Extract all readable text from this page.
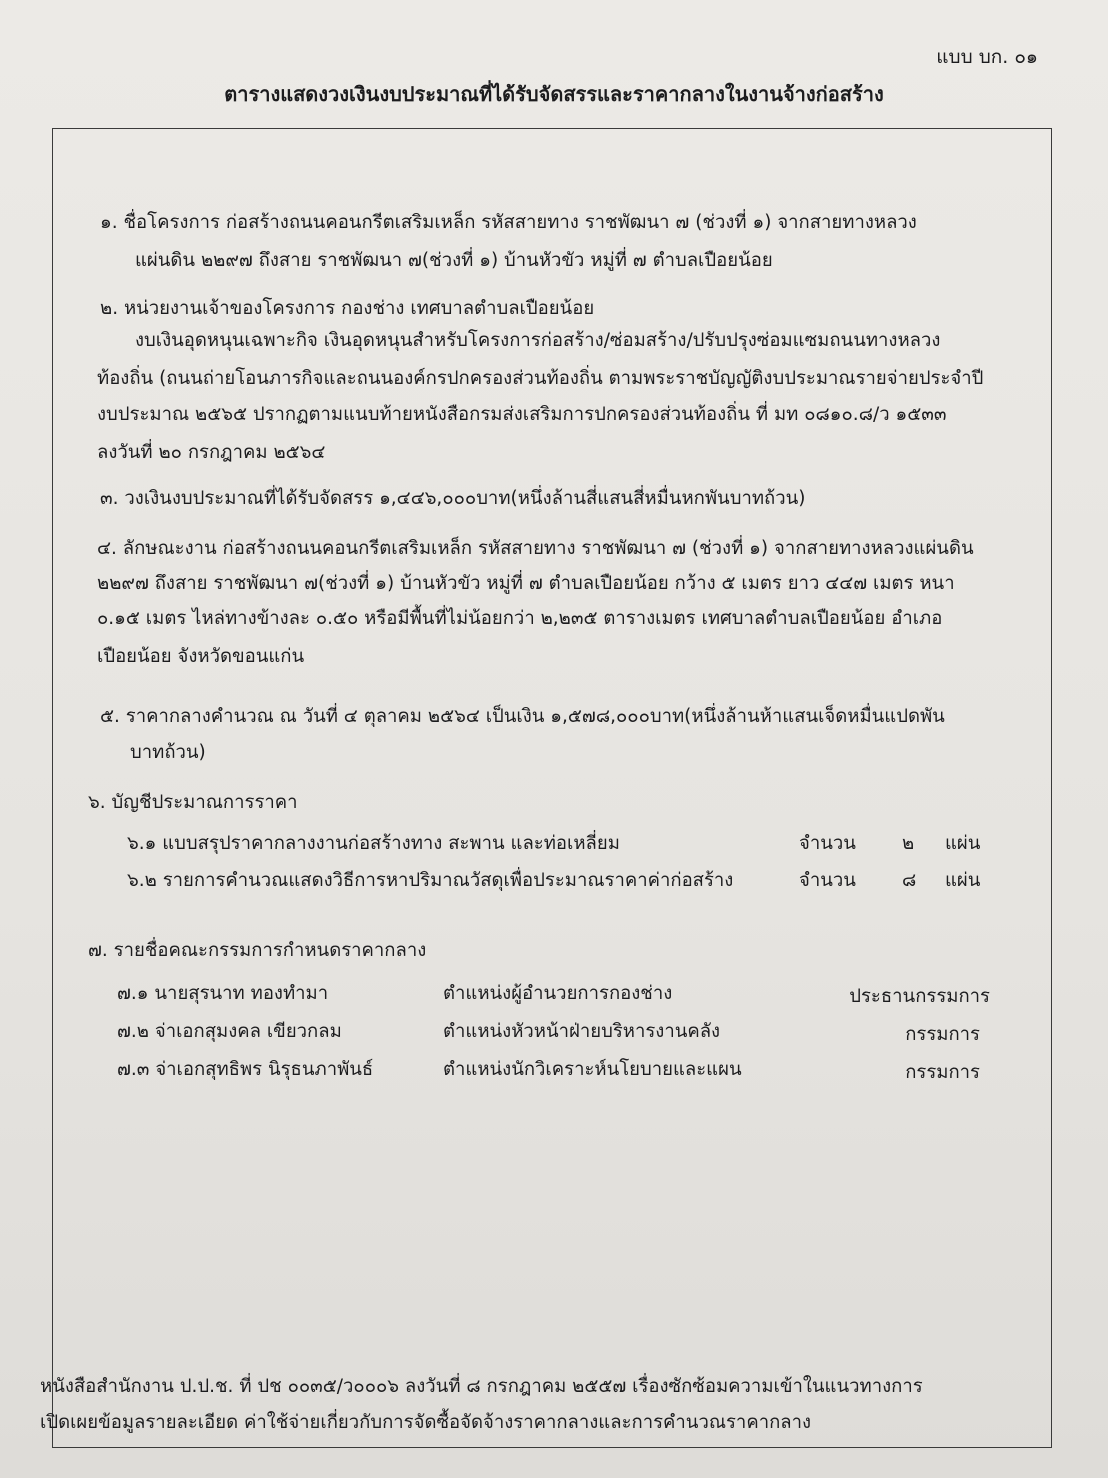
แบบ บก. ๐๑
ตารางแสดงวงเงินงบประมาณที่ได้รับจัดสรรและราคากลางในงานจ้างก่อสร้าง
๑. ชื่อโครงการ ก่อสร้างถนนคอนกรีตเสริมเหล็ก รหัสสายทาง ราชพัฒนา ๗ (ช่วงที่ ๑) จากสายทางหลวง
แผ่นดิน ๒๒๙๗ ถึงสาย ราชพัฒนา ๗(ช่วงที่ ๑) บ้านหัวขัว หมู่ที่ ๗ ตำบลเปือยน้อย
๒. หน่วยงานเจ้าของโครงการ กองช่าง เทศบาลตำบลเปือยน้อย
งบเงินอุดหนุนเฉพาะกิจ เงินอุดหนุนสำหรับโครงการก่อสร้าง/ซ่อมสร้าง/ปรับปรุงซ่อมแซมถนนทางหลวง
ท้องถิ่น (ถนนถ่ายโอนภารกิจและถนนองค์กรปกครองส่วนท้องถิ่น ตามพระราชบัญญัติงบประมาณรายจ่ายประจำปี
งบประมาณ ๒๕๖๕ ปรากฏตามแนบท้ายหนังสือกรมส่งเสริมการปกครองส่วนท้องถิ่น ที่ มท ๐๘๑๐.๘/ว ๑๕๓๓
ลงวันที่ ๒๐ กรกฎาคม ๒๕๖๔
๓. วงเงินงบประมาณที่ได้รับจัดสรร ๑,๔๔๖,๐๐๐บาท(หนึ่งล้านสี่แสนสี่หมื่นหกพันบาทถ้วน)
๔. ลักษณะงาน ก่อสร้างถนนคอนกรีตเสริมเหล็ก รหัสสายทาง ราชพัฒนา ๗ (ช่วงที่ ๑) จากสายทางหลวงแผ่นดิน
๒๒๙๗ ถึงสาย ราชพัฒนา ๗(ช่วงที่ ๑) บ้านหัวขัว หมู่ที่ ๗ ตำบลเปือยน้อย กว้าง ๕ เมตร ยาว ๔๔๗ เมตร หนา
๐.๑๕ เมตร ไหล่ทางข้างละ ๐.๕๐ หรือมีพื้นที่ไม่น้อยกว่า ๒,๒๓๕ ตารางเมตร เทศบาลตำบลเปือยน้อย อำเภอ
เปือยน้อย จังหวัดขอนแก่น
๕. ราคากลางคำนวณ ณ วันที่ ๔ ตุลาคม ๒๕๖๔ เป็นเงิน ๑,๕๗๘,๐๐๐บาท(หนึ่งล้านห้าแสนเจ็ดหมื่นแปดพัน
บาทถ้วน)
๖. บัญชีประมาณการราคา
๖.๑ แบบสรุปราคากลางงานก่อสร้างทาง สะพาน และท่อเหลี่ยม	จำนวน ๒ แผ่น
๖.๒ รายการคำนวณแสดงวิธีการหาปริมาณวัสดุเพื่อประมาณราคาค่าก่อสร้าง	จำนวน ๘ แผ่น
๗. รายชื่อคณะกรรมการกำหนดราคากลาง
๗.๑ นายสุรนาท ทองทำมา	ตำแหน่งผู้อำนวยการกองช่าง	ประธานกรรมการ
๗.๒ จ่าเอกสุมงคล เขียวกลม	ตำแหน่งหัวหน้าฝ่ายบริหารงานคลัง	กรรมการ
๗.๓ จ่าเอกสุทธิพร นิรุธนภาพันธ์	ตำแหน่งนักวิเคราะห์นโยบายและแผน	กรรมการ
หนังสือสำนักงาน ป.ป.ช. ที่ ปช ๐๐๓๕/ว๐๐๐๖ ลงวันที่ ๘ กรกฎาคม ๒๕๕๗ เรื่องซักซ้อมความเข้าในแนวทางการ
เปิดเผยข้อมูลรายละเอียด ค่าใช้จ่ายเกี่ยวกับการจัดซื้อจัดจ้างราคากลางและการคำนวณราคากลาง
